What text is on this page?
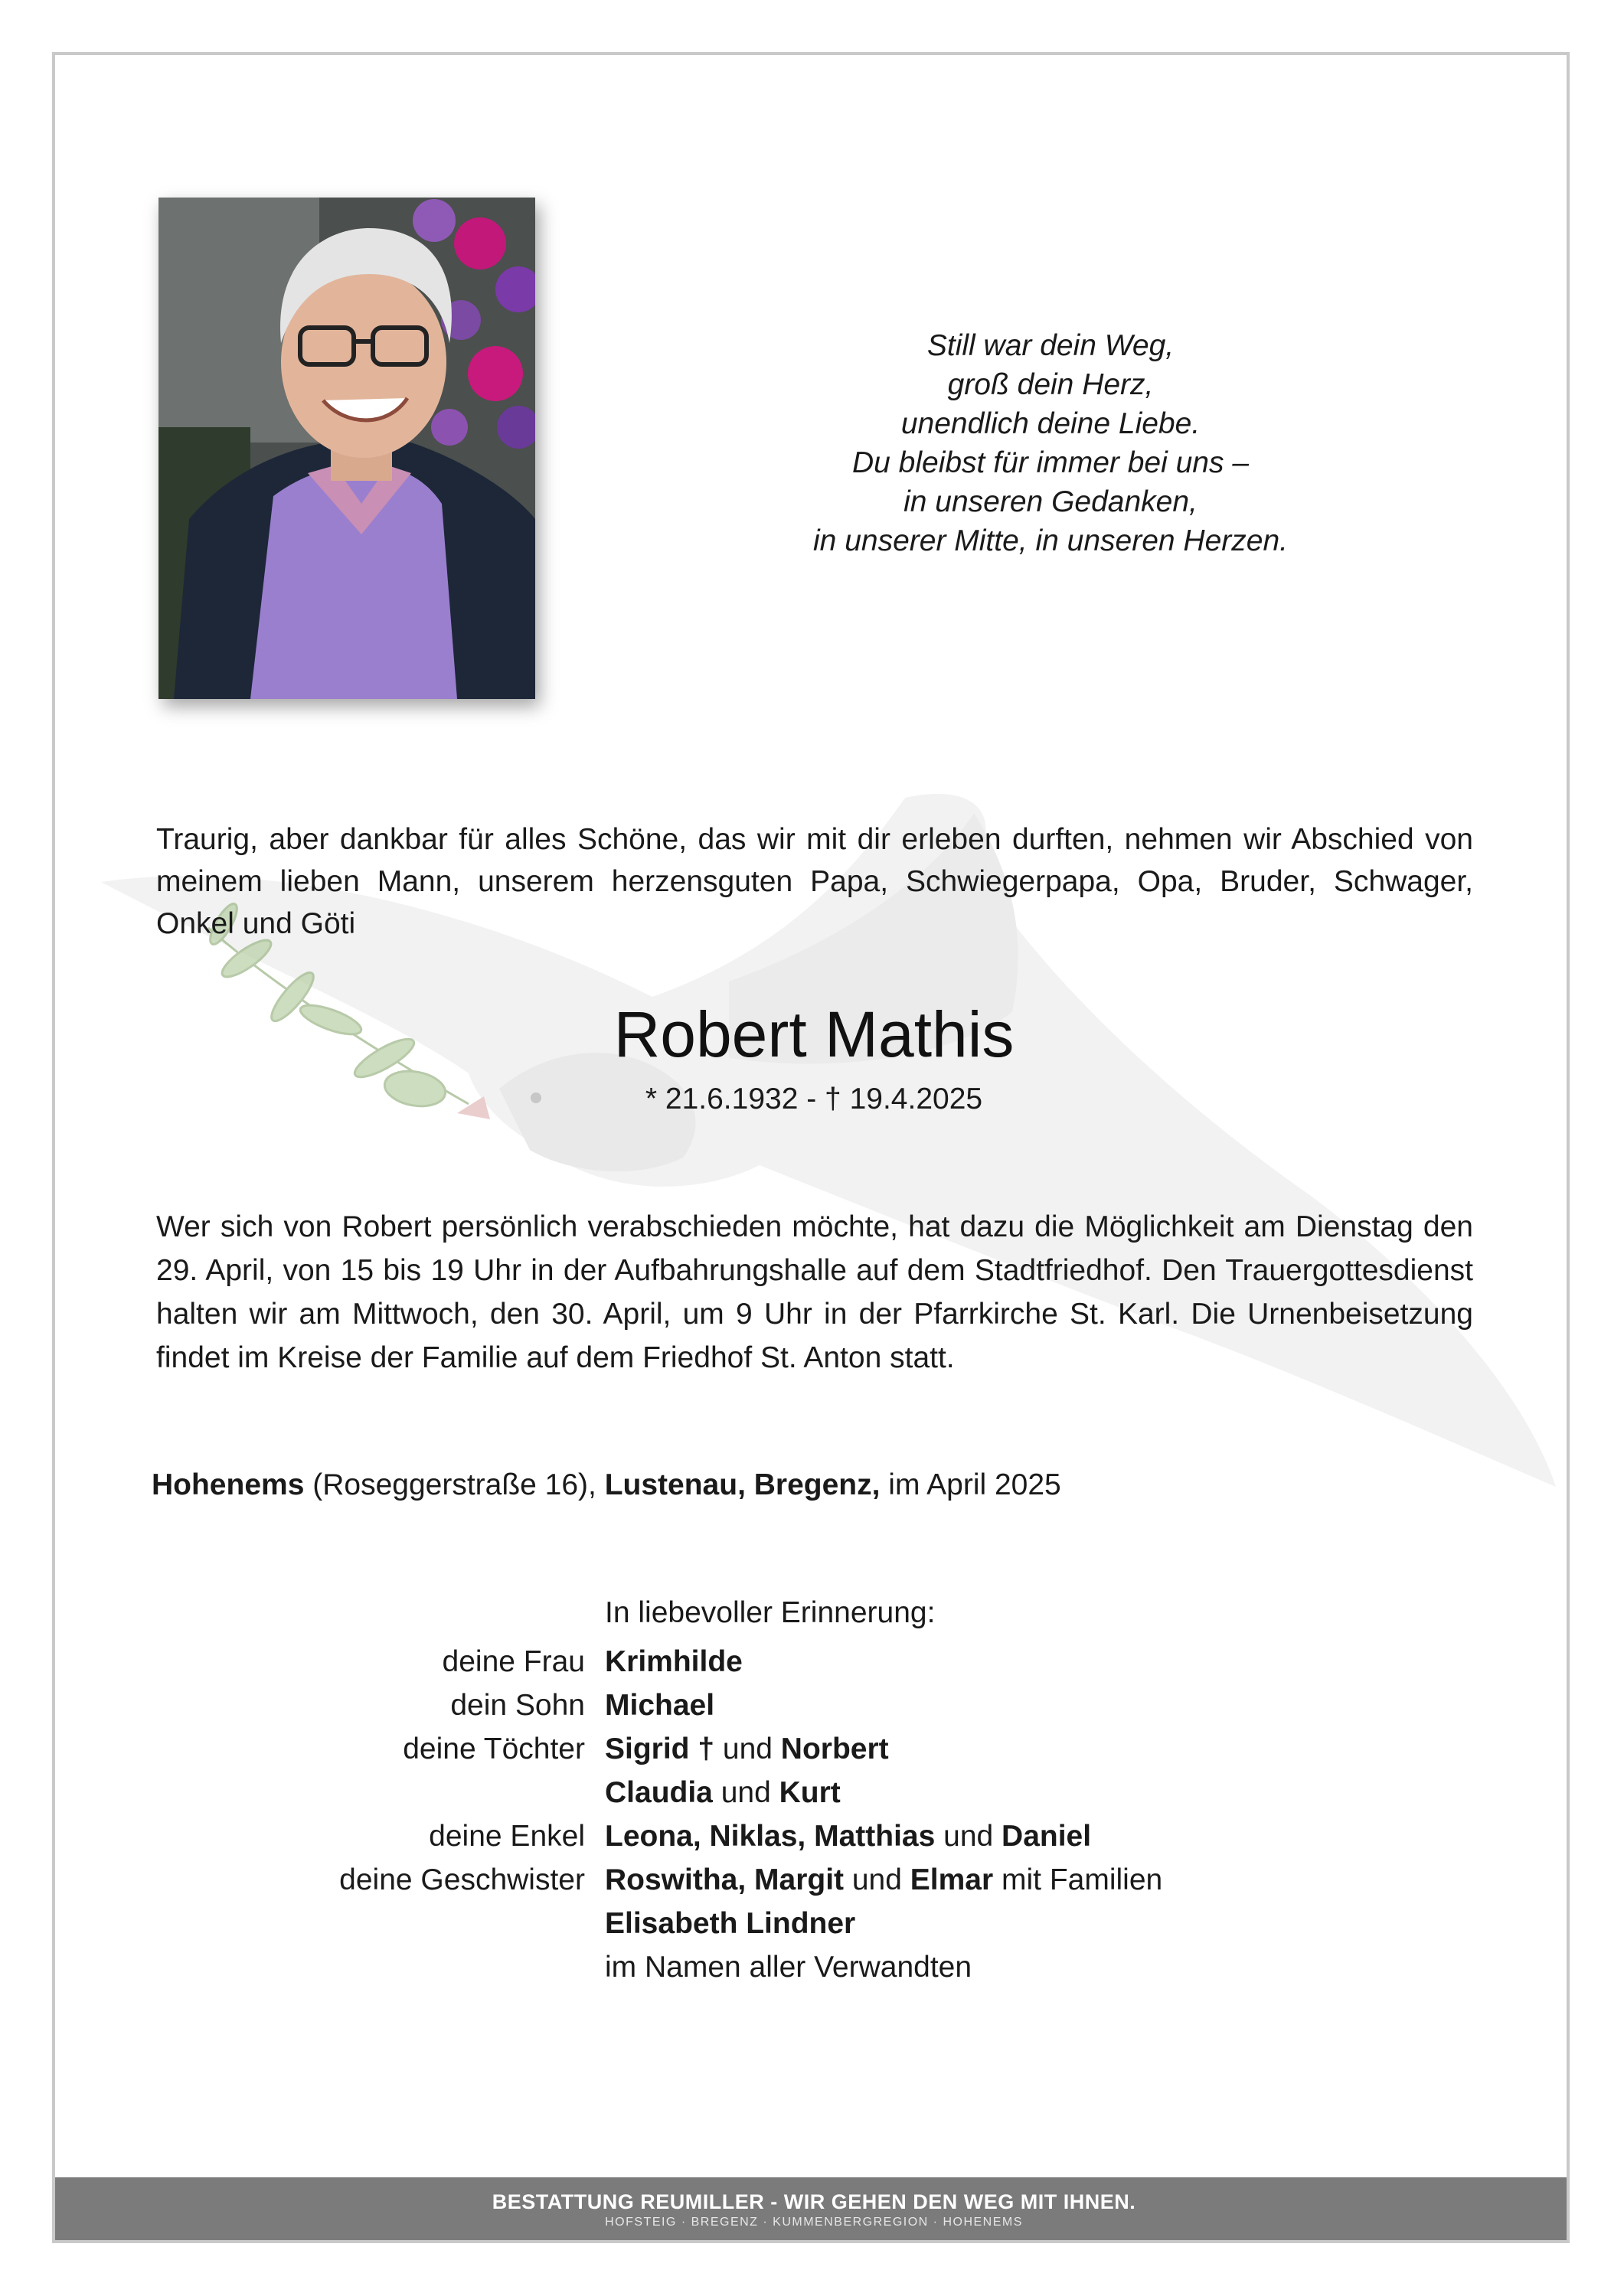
Still war dein Weg,
groß dein Herz,
unendlich deine Liebe.
Du bleibst für immer bei uns –
in unseren Gedanken,
in unserer Mitte, in unseren Herzen.
Traurig, aber dankbar für alles Schöne, das wir mit dir erleben durften, nehmen wir Abschied von meinem lieben Mann, unserem herzensguten Papa, Schwiegerpapa, Opa, Bruder, Schwager, Onkel und Göti
Robert Mathis
* 21.6.1932 - † 19.4.2025
Wer sich von Robert persönlich verabschieden möchte, hat dazu die Möglichkeit am Dienstag den 29. April, von 15 bis 19 Uhr in der Aufbahrungshalle auf dem Stadtfriedhof. Den Trauergottesdienst halten wir am Mittwoch, den 30. April, um 9 Uhr in der Pfarrkirche St. Karl. Die Urnenbeisetzung findet im Kreise der Familie auf dem Friedhof St. Anton statt.
Hohenems (Roseggerstraße 16), Lustenau, Bregenz, im April 2025
In liebevoller Erinnerung:
deine Frau Krimhilde
dein Sohn Michael
deine Töchter Sigrid † und Norbert
Claudia und Kurt
deine Enkel Leona, Niklas, Matthias und Daniel
deine Geschwister Roswitha, Margit und Elmar mit Familien
Elisabeth Lindner
im Namen aller Verwandten
BESTATTUNG REUMILLER - WIR GEHEN DEN WEG MIT IHNEN.
HOFSTEIG · BREGENZ · KUMMENBERGREGION · HOHENEMS
